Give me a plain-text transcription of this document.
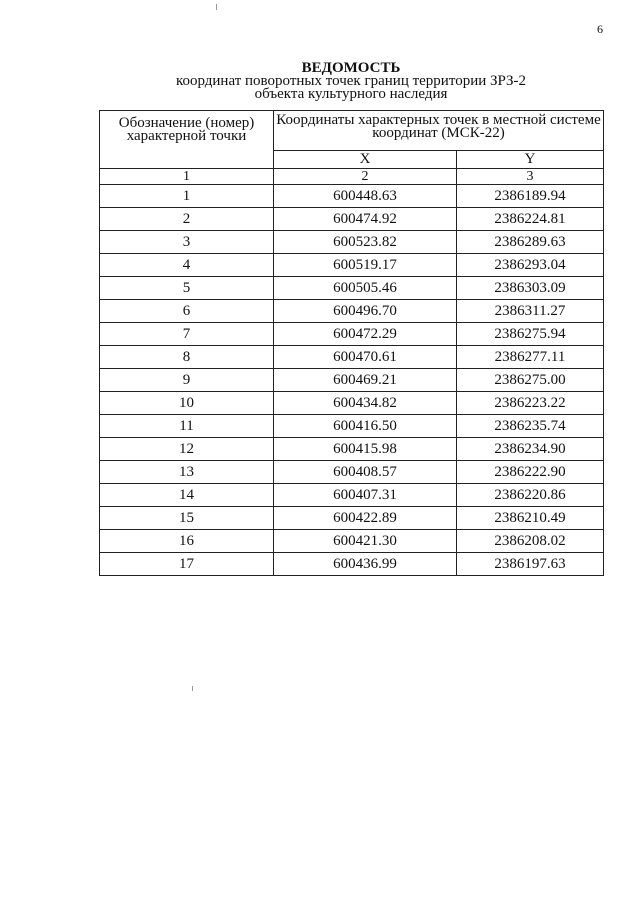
6
ВЕДОМОСТЬ
координат поворотных точек границ территории ЗРЗ-2
объекта культурного наследия
Обозначение (номер) характерной точки	Координаты характерных точек в местной системе координат (МСК-22)	
	X	Y
1	2	3
1	600448.63	2386189.94
2	600474.92	2386224.81
3	600523.82	2386289.63
4	600519.17	2386293.04
5	600505.46	2386303.09
6	600496.70	2386311.27
7	600472.29	2386275.94
8	600470.61	2386277.11
9	600469.21	2386275.00
10	600434.82	2386223.22
11	600416.50	2386235.74
12	600415.98	2386234.90
13	600408.57	2386222.90
14	600407.31	2386220.86
15	600422.89	2386210.49
16	600421.30	2386208.02
17	600436.99	2386197.63
